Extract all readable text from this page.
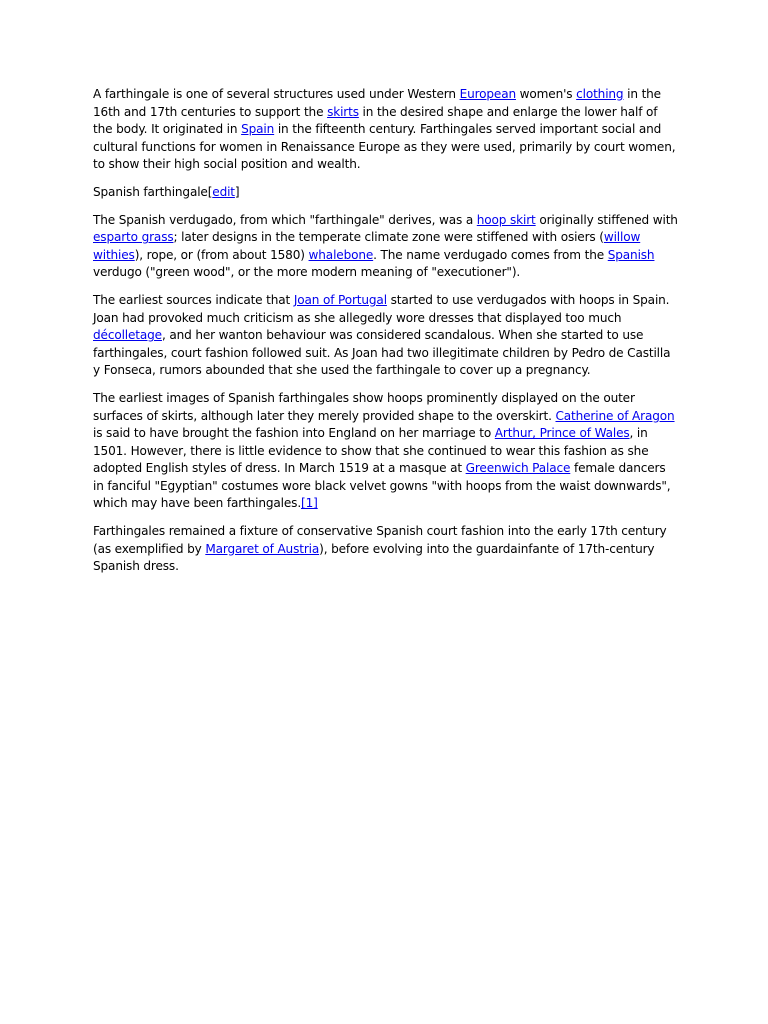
A farthingale is one of several structures used under Western European women's clothing in the 16th and 17th centuries to support the skirts in the desired shape and enlarge the lower half of the body. It originated in Spain in the fifteenth century. Farthingales served important social and cultural functions for women in Renaissance Europe as they were used, primarily by court women, to show their high social position and wealth.

Spanish farthingale[edit]

The Spanish verdugado, from which "farthingale" derives, was a hoop skirt originally stiffened with esparto grass; later designs in the temperate climate zone were stiffened with osiers (willow withies), rope, or (from about 1580) whalebone. The name verdugado comes from the Spanish verdugo ("green wood", or the more modern meaning of "executioner").

The earliest sources indicate that Joan of Portugal started to use verdugados with hoops in Spain. Joan had provoked much criticism as she allegedly wore dresses that displayed too much décolletage, and her wanton behaviour was considered scandalous. When she started to use farthingales, court fashion followed suit. As Joan had two illegitimate children by Pedro de Castilla y Fonseca, rumors abounded that she used the farthingale to cover up a pregnancy.

The earliest images of Spanish farthingales show hoops prominently displayed on the outer surfaces of skirts, although later they merely provided shape to the overskirt. Catherine of Aragon is said to have brought the fashion into England on her marriage to Arthur, Prince of Wales, in 1501. However, there is little evidence to show that she continued to wear this fashion as she adopted English styles of dress. In March 1519 at a masque at Greenwich Palace female dancers in fanciful "Egyptian" costumes wore black velvet gowns "with hoops from the waist downwards", which may have been farthingales.[1]

Farthingales remained a fixture of conservative Spanish court fashion into the early 17th century (as exemplified by Margaret of Austria), before evolving into the guardainfante of 17th-century Spanish dress.
